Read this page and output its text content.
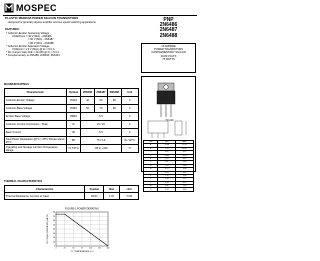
MOSPEC
PLASTIC MEDIUM POWER SILICON TRANSISTORS
...designed for general purpose amplifier and low speed switching applications.
FEATURES:
* Collector-Emitter Sustaining Voltage -
V(CEO)sus = 40 V (Min) - 2N6486
= 60 V (Min) - 2N6487
= 80 V (Min) - 2N6488
* Collector-Emitter Saturation Voltage -
V(CE)sat = 1.3 V (Max) @ IC = 5.0 A
* DC Current Gain hFE = 20-150 @ IC = 5.0 A
* Complementary to 2N6489, 2N6490, 2N6491
PNP
2N6486
2N6487
2N6488
15 AMPERE
POWER TRANSISTORS
COMPLEMENTARY SILICON
40-80 VOLTS
75 WATTS
TO-220
DIM	MIN	MAX
A	14.68	15.31
B	9.78	10.42
C	5.01	6.52
D	13.06	14.62
E	3.57	4.07
F	2.42	3.66
G	1.12	1.36
H	0.72	0.96
I	4.22	4.98
J	1.14	1.38
K	2.20	2.97
L	0.33	0.55
M	2.48	2.98
O	3.70	3.90
MAXIMUM RATINGS
Characteristic	Symbol	2N6486	2N6487	2N6488	Unit
Collector-Emitter Voltage	VCEO	40	60	80	V
Collector-Base Voltage	VCBO	50	70	90	V
Emitter-Base Voltage	VEBO	5.0			V
Collector Current-Continuous - Peak	IC	15 / 20			A
Base Current	IB	5.0			A
Total Power Dissipation @TC = 25°C Derate above 25°C	PD	75 / 0.6			W / W/°C
Operating and Storage Junction Temperature Range	TJ,TSTG	-65 to +150			°C
THERMAL CHARACTERISTICS
Characteristic	Symbol	Max	Unit
Thermal Resistance Junction to Case	RθJC	1.67	°C/W
0	25	50	75	100	125	150
0
10
20
30
40
50
60
70
80
FIGURE-1 POWER DERATING
TC, TEMPERATURE (°C)
PD, POWER DISSIPATION (WATTS)
